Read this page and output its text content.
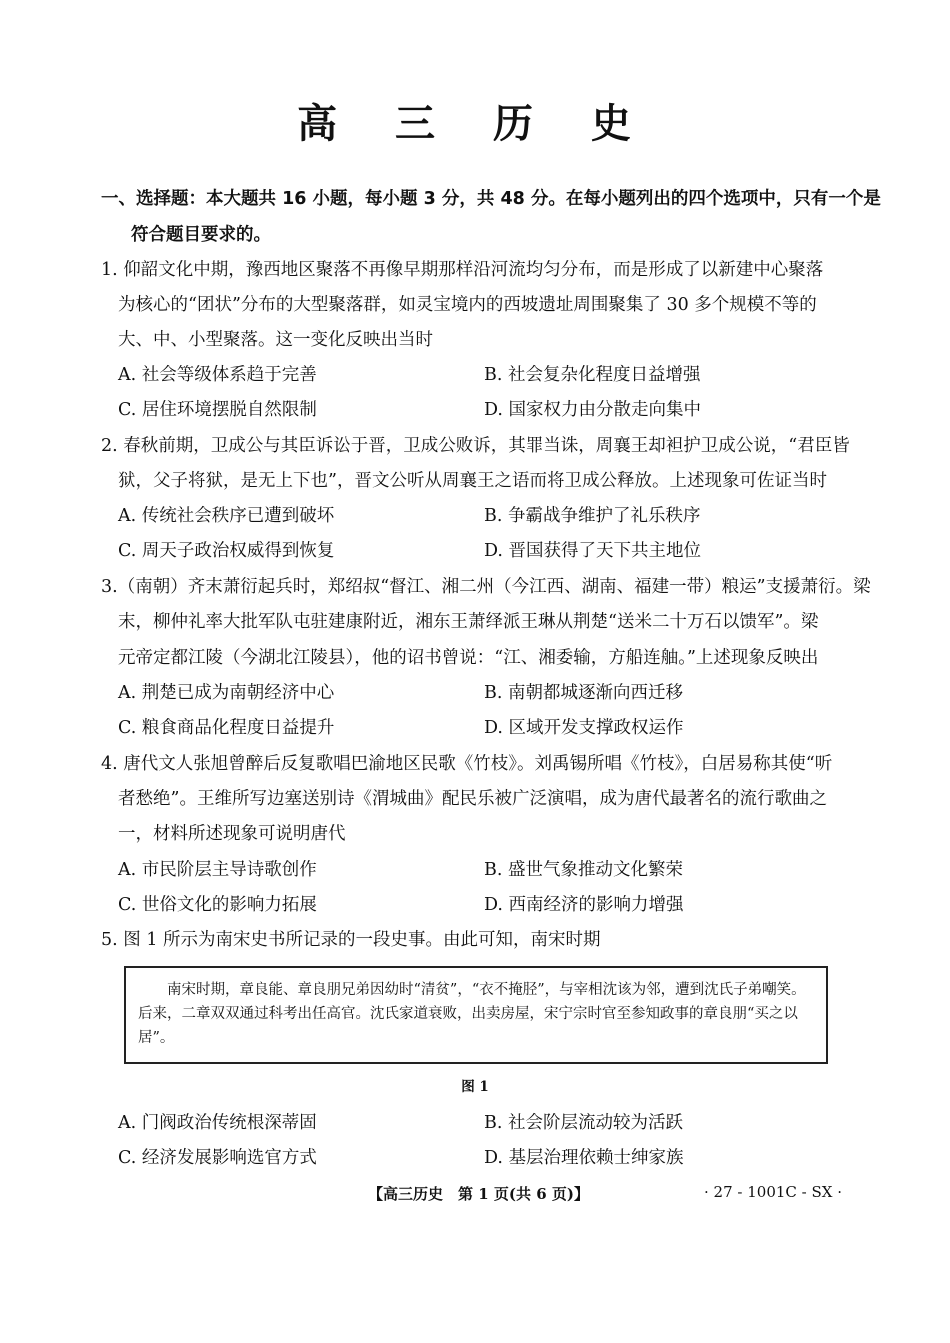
高 三 历 史
一、选择题：本大题共 16 小题，每小题 3 分，共 48 分。在每小题列出的四个选项中，只有一个是
符合题目要求的。
1. 仰韶文化中期，豫西地区聚落不再像早期那样沿河流均匀分布，而是形成了以新建中心聚落
为核心的“团状”分布的大型聚落群，如灵宝境内的西坡遗址周围聚集了 30 多个规模不等的
大、中、小型聚落。这一变化反映出当时
A. 社会等级体系趋于完善	B. 社会复杂化程度日益增强
C. 居住环境摆脱自然限制	D. 国家权力由分散走向集中
2. 春秋前期，卫成公与其臣诉讼于晋，卫成公败诉，其罪当诛，周襄王却袒护卫成公说，“君臣皆
狱，父子将狱，是无上下也”，晋文公听从周襄王之语而将卫成公释放。上述现象可佐证当时
A. 传统社会秩序已遭到破坏	B. 争霸战争维护了礼乐秩序
C. 周天子政治权威得到恢复	D. 晋国获得了天下共主地位
3.（南朝）齐末萧衍起兵时，郑绍叔“督江、湘二州（今江西、湖南、福建一带）粮运”支援萧衍。梁
末，柳仲礼率大批军队屯驻建康附近，湘东王萧绎派王琳从荆楚“送米二十万石以馈军”。梁
元帝定都江陵（今湖北江陵县），他的诏书曾说：“江、湘委输，方船连舳。”上述现象反映出
A. 荆楚已成为南朝经济中心	B. 南朝都城逐渐向西迁移
C. 粮食商品化程度日益提升	D. 区域开发支撑政权运作
4. 唐代文人张旭曾醉后反复歌唱巴渝地区民歌《竹枝》。刘禹锡所唱《竹枝》，白居易称其使“听
者愁绝”。王维所写边塞送别诗《渭城曲》配民乐被广泛演唱，成为唐代最著名的流行歌曲之
一，材料所述现象可说明唐代
A. 市民阶层主导诗歌创作	B. 盛世气象推动文化繁荣
C. 世俗文化的影响力拓展	D. 西南经济的影响力增强
5. 图 1 所示为南宋史书所记录的一段史事。由此可知，南宋时期

南宋时期，章良能、章良朋兄弟因幼时“清贫”，“衣不掩胫”，与宰相沈该为邻，遭到沈氏子弟嘲笑。后来，二章双双通过科考出任高官。沈氏家道衰败，出卖房屋，宋宁宗时官至参知政事的章良朋“买之以居”。

图 1
A. 门阀政治传统根深蒂固	B. 社会阶层流动较为活跃
C. 经济发展影响选官方式	D. 基层治理依赖士绅家族
【高三历史　第 1 页(共 6 页)】	· 27 - 1001C - SX ·
